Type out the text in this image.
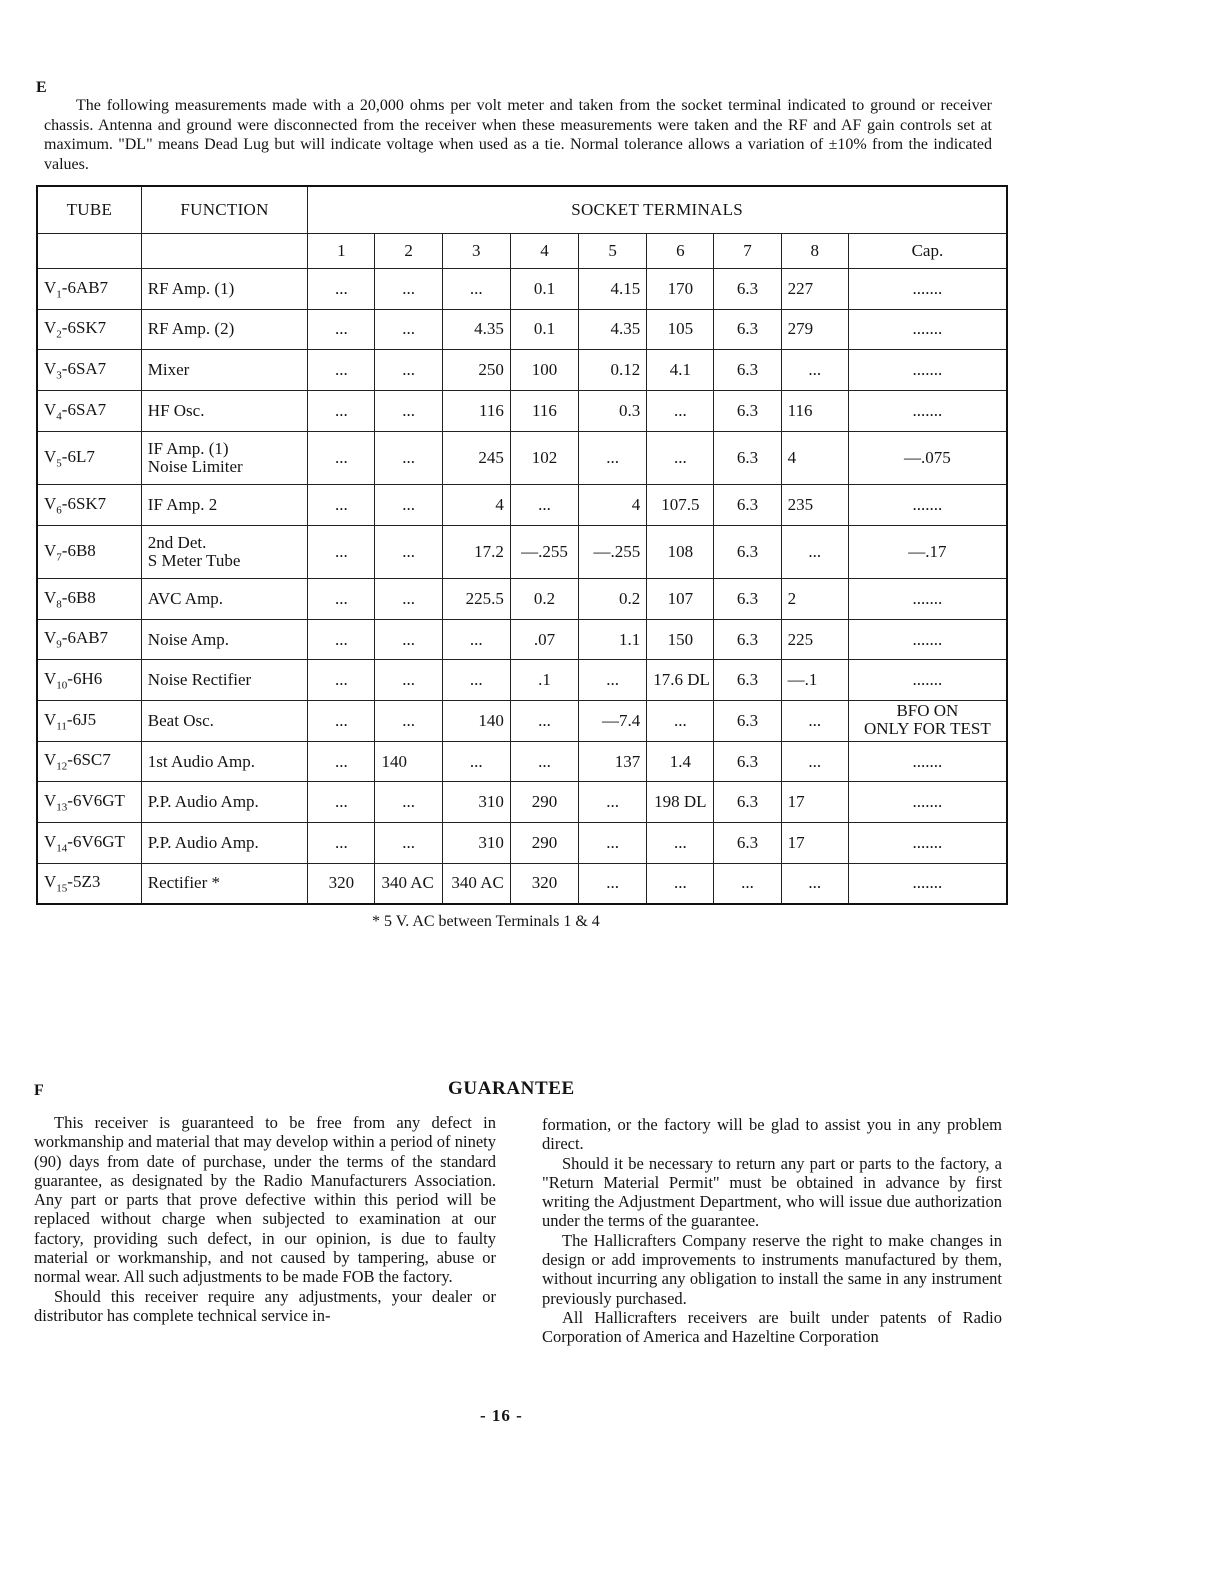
E

The following measurements made with a 20,000 ohms per volt meter and taken from the socket terminal indicated to ground or receiver chassis. Antenna and ground were disconnected from the receiver when these measurements were taken and the RF and AF gain controls set at maximum. "DL" means Dead Lug but will indicate voltage when used as a tie. Normal tolerance allows a variation of ±10% from the indicated values.

TUBE	FUNCTION	SOCKET TERMINALS								
		1	2	3	4	5	6	7	8	Cap.
$V_1-6AB7$	RF Amp. (1)	...	...	...	0.1	4.15	170	6.3	227	.......
$V_2-6SK7$	RF Amp. (2)	...	...	4.35	0.1	4.35	105	6.3	279	.......
$V_3-6SA7$	Mixer	...	...	250	100	0.12	4.1	6.3	...	.......
$V_4-6SA7$	HF Osc.	...	...	116	116	0.3	...	6.3	116	.......
$V_5-6L7$	IF Amp. (1)
Noise Limiter	...	...	245	102	...	...	6.3	4	—.075
$V_6-6SK7$	IF Amp. 2	...	...	4	...	4	107.5	6.3	235	.......
$V_7-6B8$	2nd Det.
S Meter Tube	...	...	17.2	—.255	—.255	108	6.3	...	—.17
$V_8-6B8$	AVC Amp.	...	...	225.5	0.2	0.2	107	6.3	2	.......
$V_9-6AB7$	Noise Amp.	...	...	...	.07	1.1	150	6.3	225	.......
$V_{10}-6H6$	Noise Rectifier	...	...	...	.1	...	17.6 DL	6.3	—.1	.......
$V_{11}-6J5$	Beat Osc.	...	...	140	...	—7.4	...	6.3	...	BFO ON
ONLY FOR TEST
$V_{12}-6SC7$	1st Audio Amp.	...	140	...	...	137	1.4	6.3	...	.......
$V_{13}-6V6GT$	P.P. Audio Amp.	...	...	310	290	...	198 DL	6.3	17	.......
$V_{14}-6V6GT$	P.P. Audio Amp.	...	...	310	290	...	...	6.3	17	.......
$V_{15}-5Z3$	Rectifier *	320	340 AC	340 AC	320	...	...	...	...	.......
* 5 V. AC between Terminals 1 & 4
F	GUARANTEE

This receiver is guaranteed to be free from any defect in workmanship and material that may develop within a period of ninety (90) days from date of purchase, under the terms of the standard guarantee, as designated by the Radio Manufacturers Association. Any part or parts that prove defective within this period will be replaced without charge when subjected to examination at our factory, providing such defect, in our opinion, is due to faulty material or workmanship, and not caused by tampering, abuse or normal wear. All such adjustments to be made FOB the factory.

Should this receiver require any adjustments, your dealer or distributor has complete technical service in-

formation, or the factory will be glad to assist you in any problem direct.

Should it be necessary to return any part or parts to the factory, a "Return Material Permit" must be obtained in advance by first writing the Adjustment Department, who will issue due authorization under the terms of the guarantee.

The Hallicrafters Company reserve the right to make changes in design or add improvements to instruments manufactured by them, without incurring any obligation to install the same in any instrument previously purchased.

All Hallicrafters receivers are built under patents of Radio Corporation of America and Hazeltine Corporation

- 16 -
